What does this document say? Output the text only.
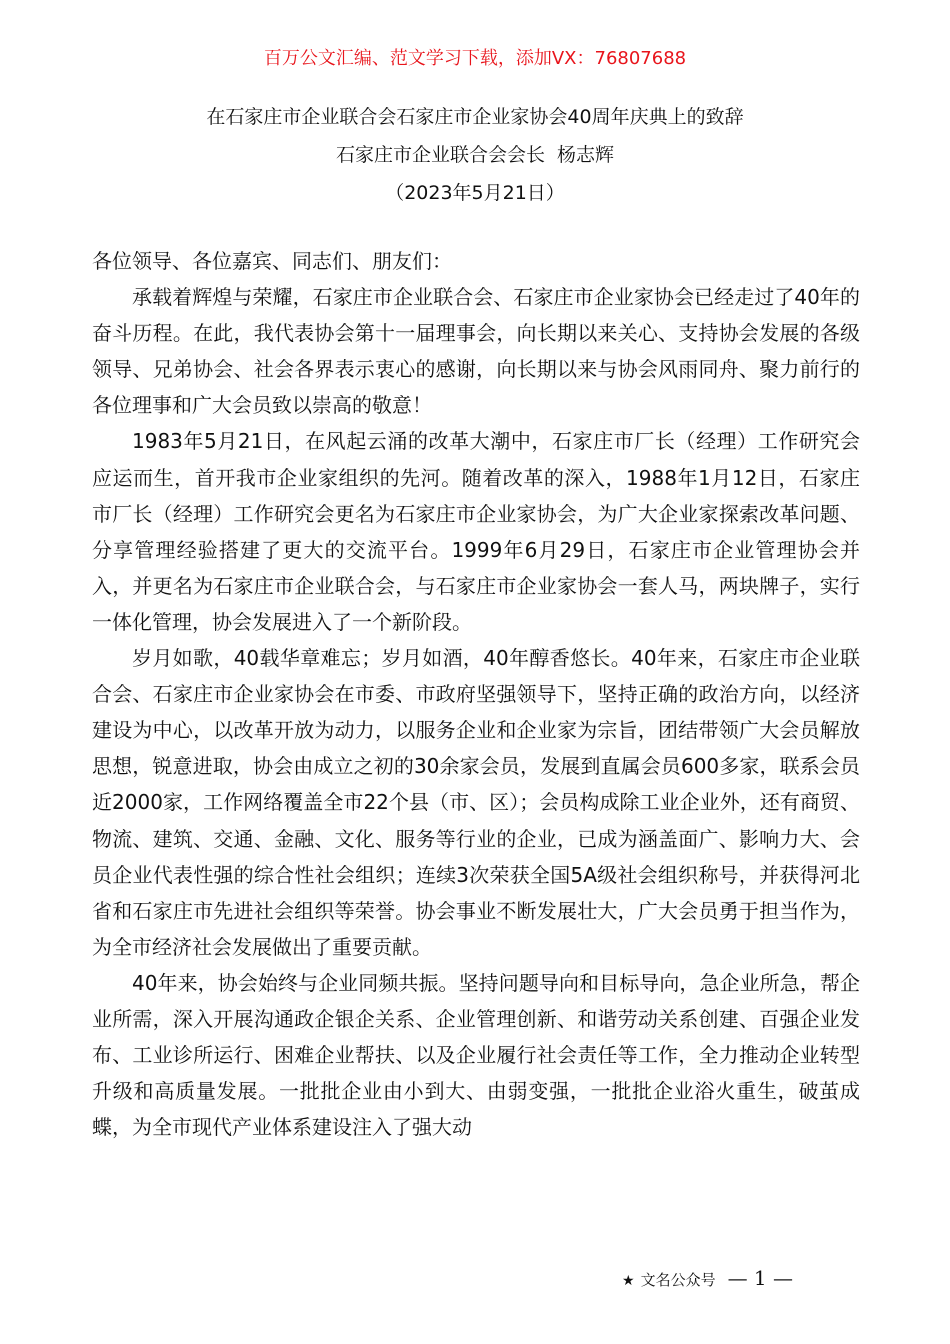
百万公文汇编、范文学习下载，添加VX：76807688
在石家庄市企业联合会石家庄市企业家协会40周年庆典上的致辞
石家庄市企业联合会会长  杨志辉
（2023年5月21日）

各位领导、各位嘉宾、同志们、朋友们：

承载着辉煌与荣耀，石家庄市企业联合会、石家庄市企业家协会已经走过了40年的奋斗历程。在此，我代表协会第十一届理事会，向长期以来关心、支持协会发展的各级领导、兄弟协会、社会各界表示衷心的感谢，向长期以来与协会风雨同舟、聚力前行的各位理事和广大会员致以崇高的敬意！

1983年5月21日，在风起云涌的改革大潮中，石家庄市厂长（经理）工作研究会应运而生，首开我市企业家组织的先河。随着改革的深入，1988年1月12日，石家庄市厂长（经理）工作研究会更名为石家庄市企业家协会，为广大企业家探索改革问题、分享管理经验搭建了更大的交流平台。1999年6月29日，石家庄市企业管理协会并入，并更名为石家庄市企业联合会，与石家庄市企业家协会一套人马，两块牌子，实行一体化管理，协会发展进入了一个新阶段。

岁月如歌，40载华章难忘；岁月如酒，40年醇香悠长。40年来，石家庄市企业联合会、石家庄市企业家协会在市委、市政府坚强领导下，坚持正确的政治方向，以经济建设为中心，以改革开放为动力，以服务企业和企业家为宗旨，团结带领广大会员解放思想，锐意进取，协会由成立之初的30余家会员，发展到直属会员600多家，联系会员近2000家，工作网络覆盖全市22个县（市、区）；会员构成除工业企业外，还有商贸、物流、建筑、交通、金融、文化、服务等行业的企业，已成为涵盖面广、影响力大、会员企业代表性强的综合性社会组织；连续3次荣获全国5A级社会组织称号，并获得河北省和石家庄市先进社会组织等荣誉。协会事业不断发展壮大，广大会员勇于担当作为，为全市经济社会发展做出了重要贡献。

40年来，协会始终与企业同频共振。坚持问题导向和目标导向，急企业所急，帮企业所需，深入开展沟通政企银企关系、企业管理创新、和谐劳动关系创建、百强企业发布、工业诊所运行、困难企业帮扶、以及企业履行社会责任等工作，全力推动企业转型升级和高质量发展。一批批企业由小到大、由弱变强，一批批企业浴火重生，破茧成蝶，为全市现代产业体系建设注入了强大动

★ 文名公众号 — 1 —
